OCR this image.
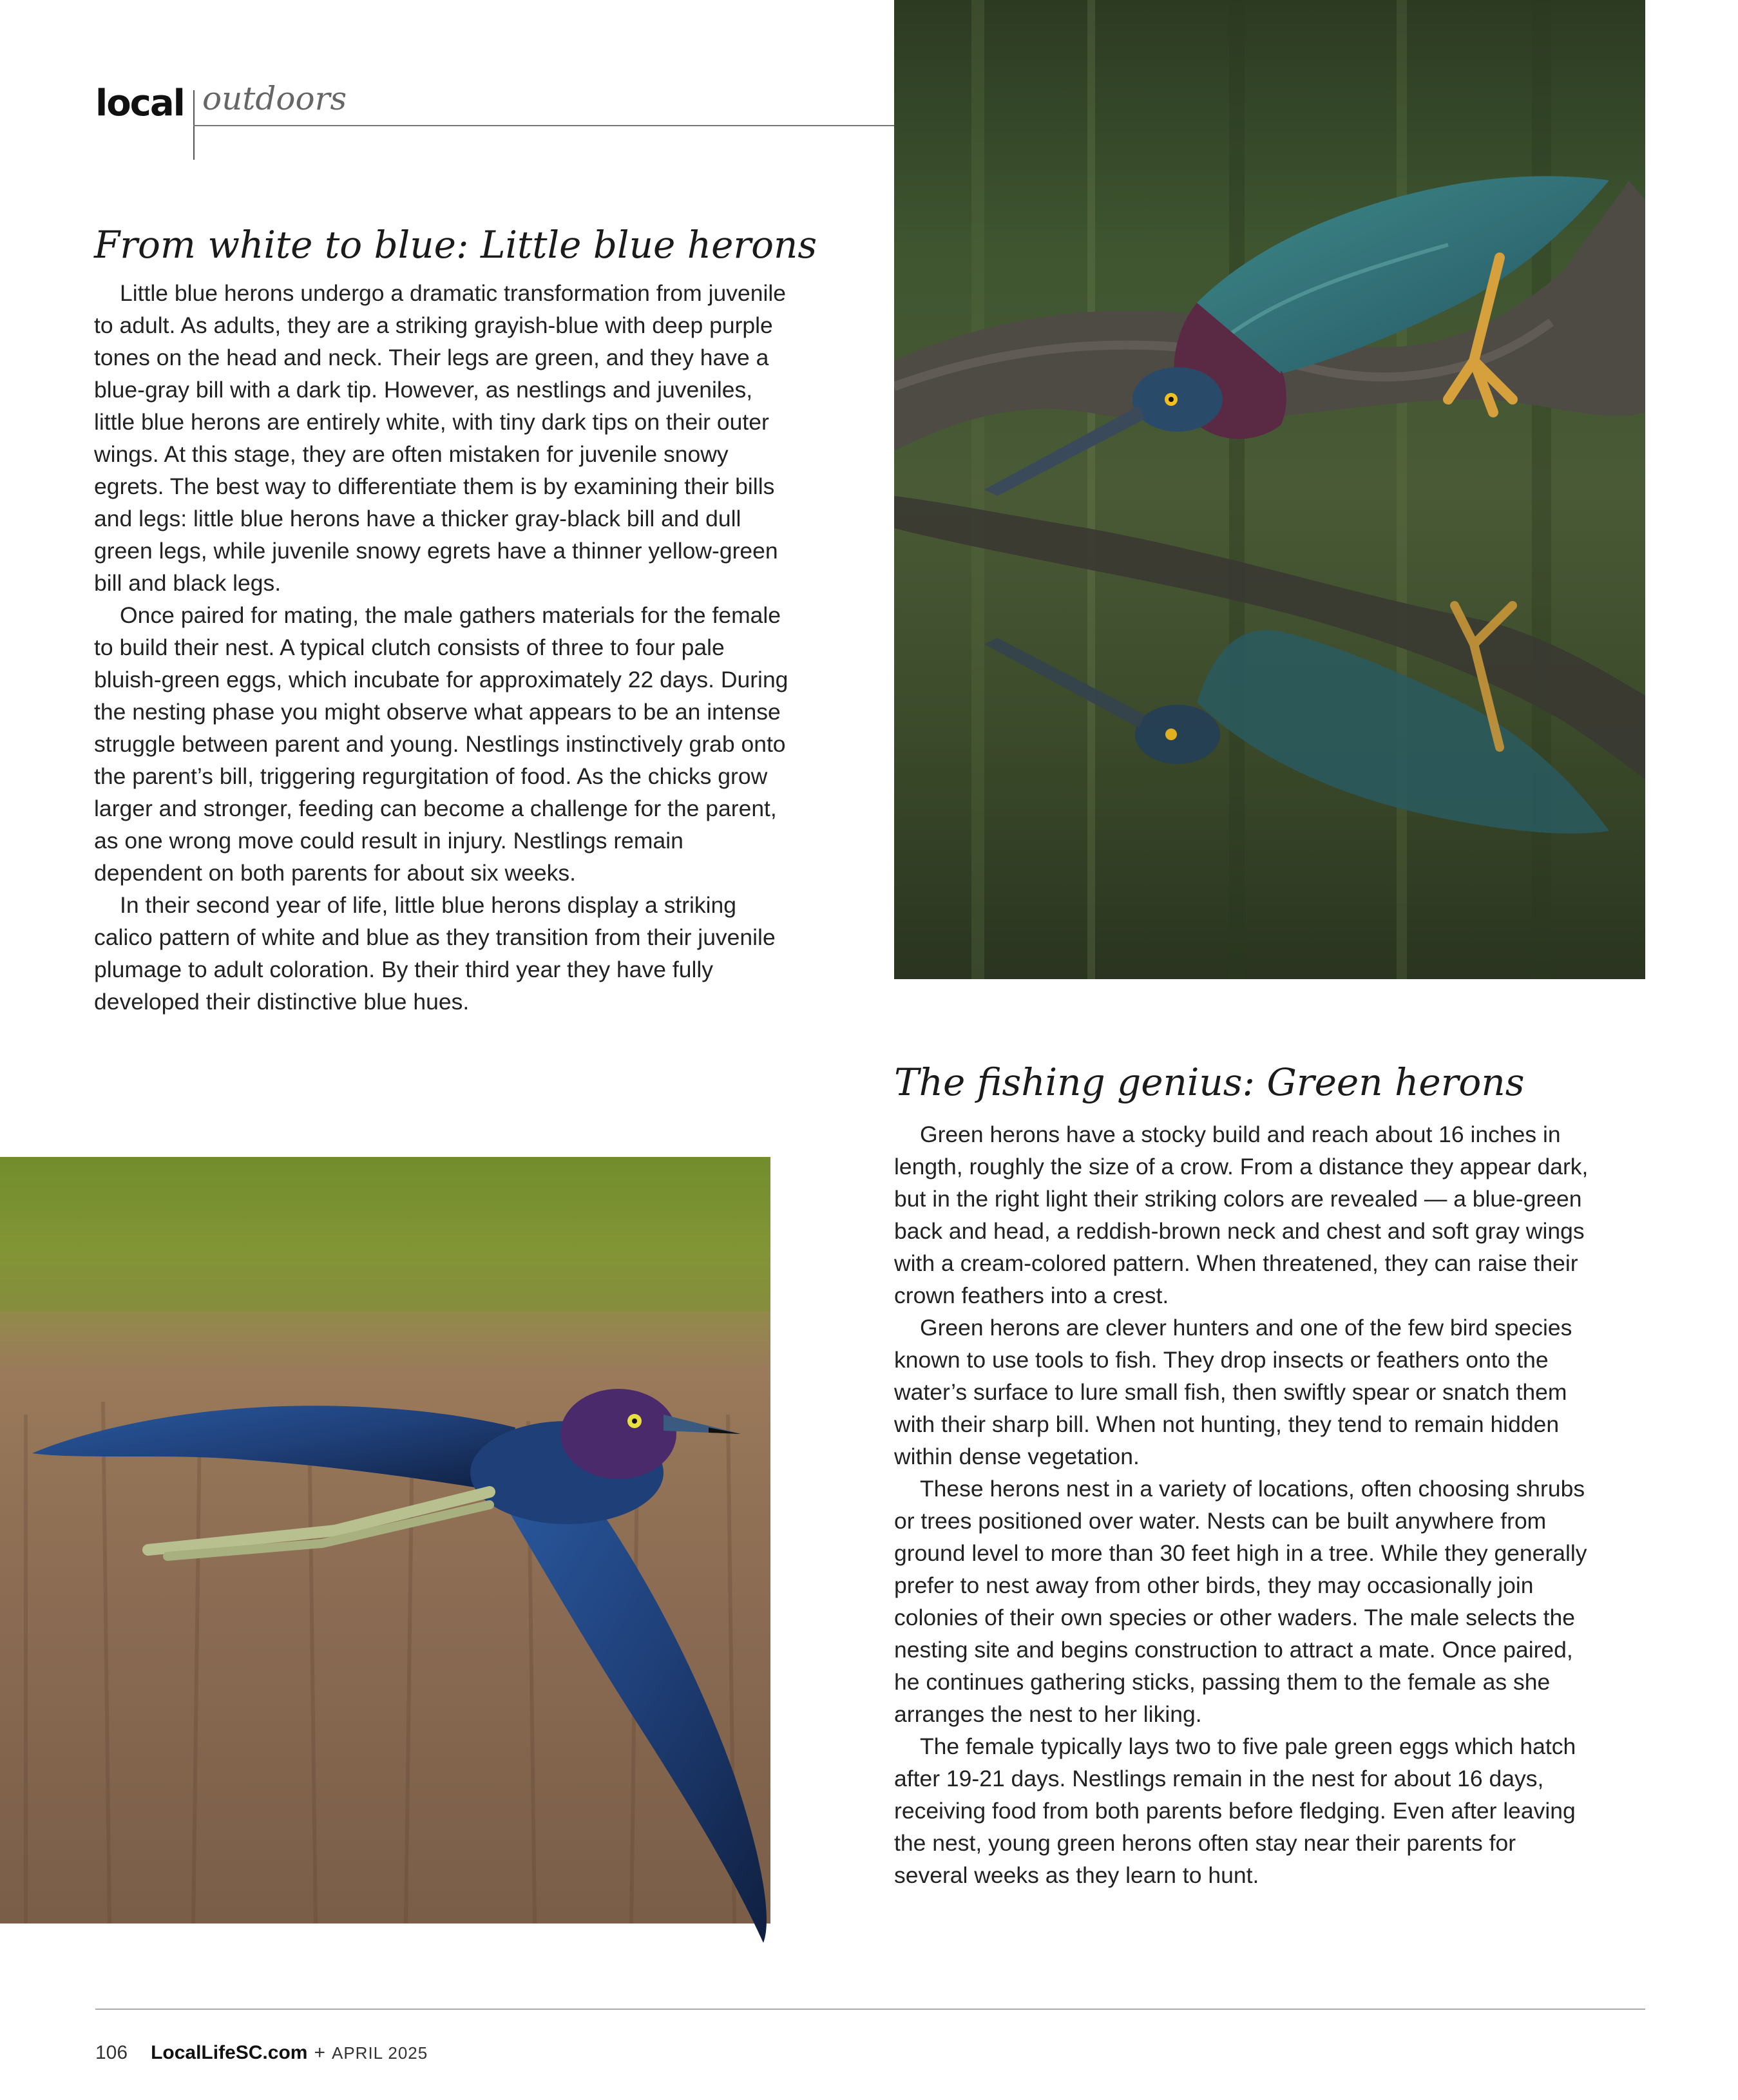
local outdoors
From white to blue: Little blue herons

Little blue herons undergo a dramatic transformation from juvenile to adult. As adults, they are a striking grayish-blue with deep purple tones on the head and neck. Their legs are green, and they have a blue-gray bill with a dark tip. However, as nestlings and juveniles, little blue herons are entirely white, with tiny dark tips on their outer wings. At this stage, they are often mistaken for juvenile snowy egrets. The best way to differentiate them is by examining their bills and legs: little blue herons have a thicker gray-black bill and dull green legs, while juvenile snowy egrets have a thinner yellow-green bill and black legs.

Once paired for mating, the male gathers materials for the female to build their nest. A typical clutch consists of three to four pale bluish-green eggs, which incubate for approximately 22 days. During the nesting phase you might observe what appears to be an intense struggle between parent and young. Nestlings instinctively grab onto the parent’s bill, triggering regurgitation of food. As the chicks grow larger and stronger, feeding can become a challenge for the parent, as one wrong move could result in injury. Nestlings remain dependent on both parents for about six weeks.

In their second year of life, little blue herons display a striking calico pattern of white and blue as they transition from their juvenile plumage to adult coloration. By their third year they have fully developed their distinctive blue hues.

The fishing genius: Green herons

Green herons have a stocky build and reach about 16 inches in length, roughly the size of a crow. From a distance they appear dark, but in the right light their striking colors are revealed — a blue-green back and head, a reddish-brown neck and chest and soft gray wings with a cream-colored pattern. When threatened, they can raise their crown feathers into a crest.

Green herons are clever hunters and one of the few bird species known to use tools to fish. They drop insects or feathers onto the water’s surface to lure small fish, then swiftly spear or snatch them with their sharp bill. When not hunting, they tend to remain hidden within dense vegetation.

These herons nest in a variety of locations, often choosing shrubs or trees positioned over water. Nests can be built anywhere from ground level to more than 30 feet high in a tree. While they generally prefer to nest away from other birds, they may occasionally join colonies of their own species or other waders. The male selects the nesting site and begins construction to attract a mate. Once paired, he continues gathering sticks, passing them to the female as she arranges the nest to her liking.

The female typically lays two to five pale green eggs which hatch after 19-21 days. Nestlings remain in the nest for about 16 days, receiving food from both parents before fledging. Even after leaving the nest, young green herons often stay near their parents for several weeks as they learn to hunt.

106 LocalLifeSC.com + APRIL 2025
